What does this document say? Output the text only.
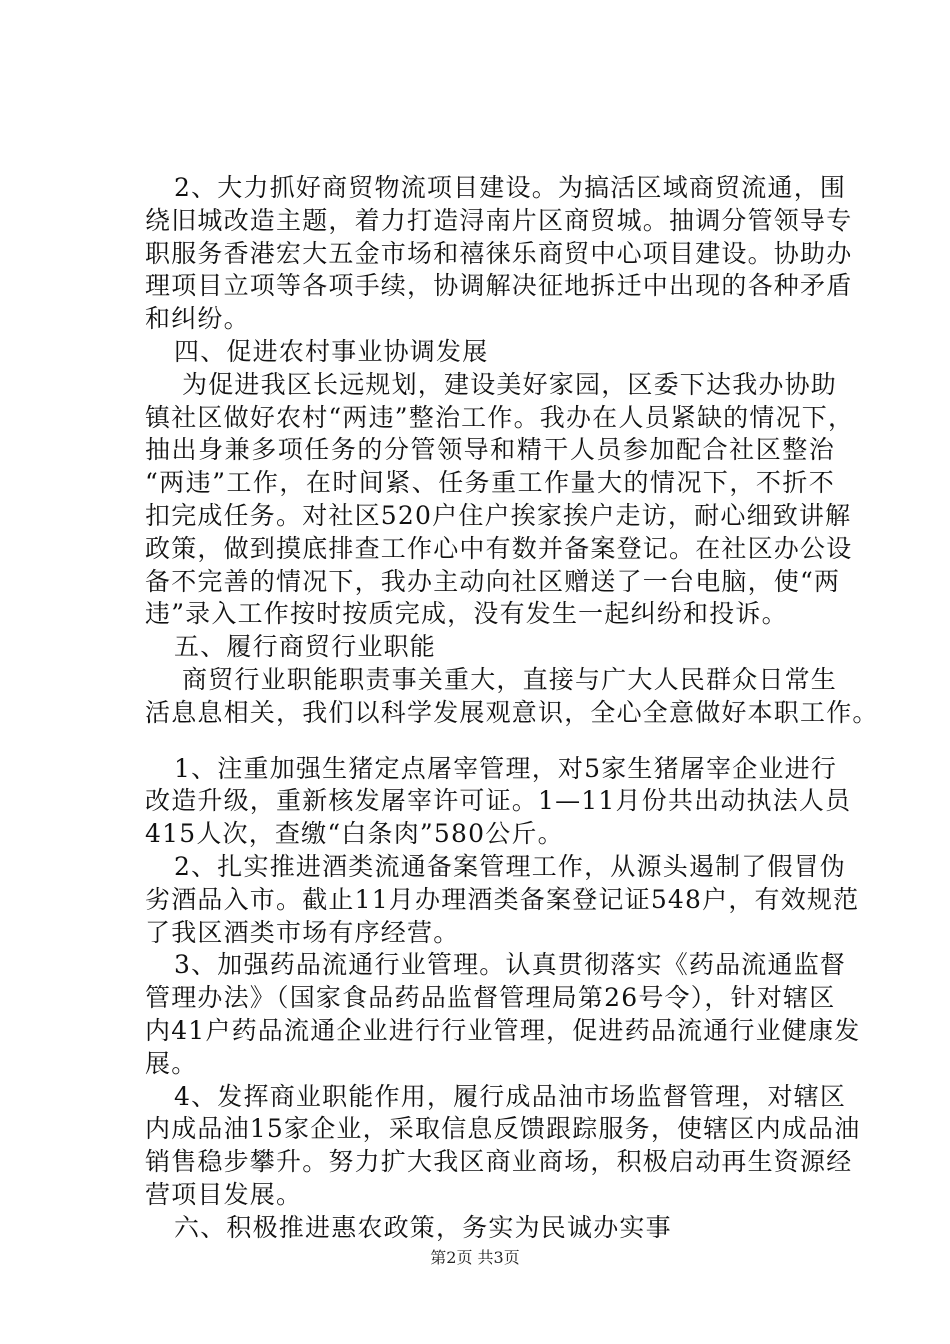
2、大力抓好商贸物流项目建设。为搞活区域商贸流通，围
绕旧城改造主题，着力打造浔南片区商贸城。抽调分管领导专
职服务香港宏大五金市场和禧徕乐商贸中心项目建设。协助办
理项目立项等各项手续，协调解决征地拆迁中出现的各种矛盾
和纠纷。
四、促进农村事业协调发展
为促进我区长远规划，建设美好家园，区委下达我办协助
镇社区做好农村“两违”整治工作。我办在人员紧缺的情况下，
抽出身兼多项任务的分管领导和精干人员参加配合社区整治
“两违”工作，在时间紧、任务重工作量大的情况下，不折不
扣完成任务。对社区520户住户挨家挨户走访，耐心细致讲解
政策，做到摸底排查工作心中有数并备案登记。在社区办公设
备不完善的情况下，我办主动向社区赠送了一台电脑，使“两
违”录入工作按时按质完成，没有发生一起纠纷和投诉。
五、履行商贸行业职能
商贸行业职能职责事关重大，直接与广大人民群众日常生
活息息相关，我们以科学发展观意识，全心全意做好本职工作。
1、注重加强生猪定点屠宰管理，对5家生猪屠宰企业进行
改造升级，重新核发屠宰许可证。1—11月份共出动执法人员
415人次，查缴“白条肉”580公斤。
2、扎实推进酒类流通备案管理工作，从源头遏制了假冒伪
劣酒品入市。截止11月办理酒类备案登记证548户，有效规范
了我区酒类市场有序经营。
3、加强药品流通行业管理。认真贯彻落实《药品流通监督
管理办法》（国家食品药品监督管理局第26号令），针对辖区
内41户药品流通企业进行行业管理，促进药品流通行业健康发
展。
4、发挥商业职能作用，履行成品油市场监督管理，对辖区
内成品油15家企业，采取信息反馈跟踪服务，使辖区内成品油
销售稳步攀升。努力扩大我区商业商场，积极启动再生资源经
营项目发展。
六、积极推进惠农政策，务实为民诚办实事
第2页 共3页
